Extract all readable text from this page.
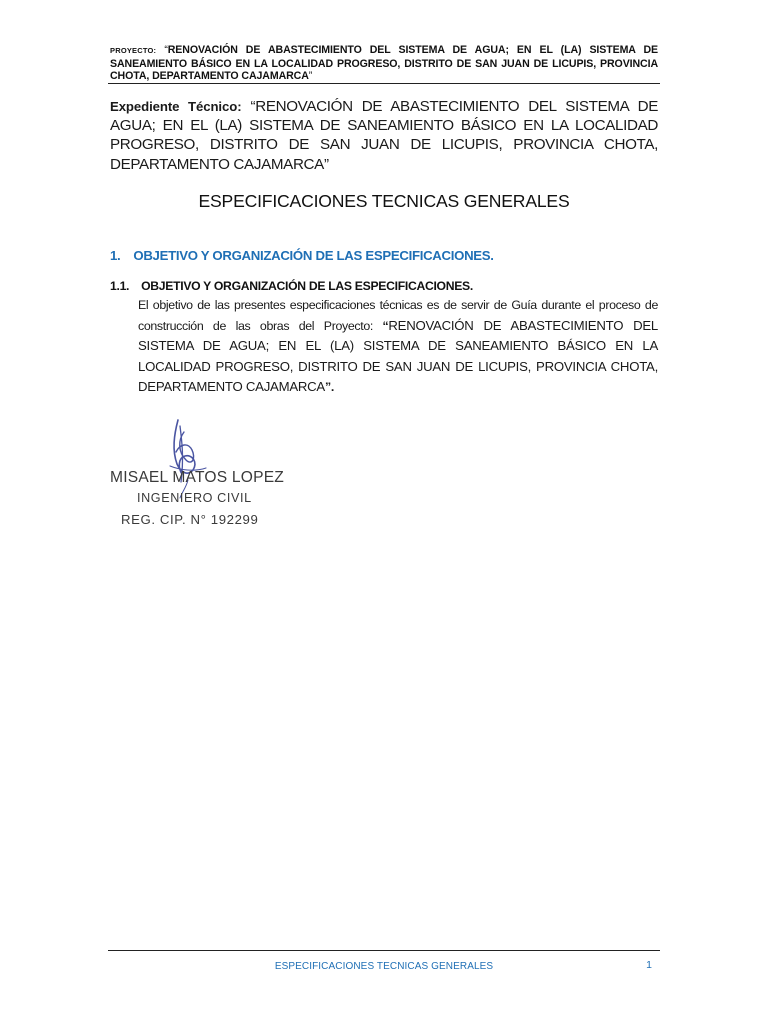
PROYECTO: “RENOVACIÓN DE ABASTECIMIENTO DEL SISTEMA DE AGUA; EN EL (LA) SISTEMA DE SANEAMIENTO BÁSICO EN LA LOCALIDAD PROGRESO, DISTRITO DE SAN JUAN DE LICUPIS, PROVINCIA CHOTA, DEPARTAMENTO CAJAMARCA”
Expediente Técnico: “RENOVACIÓN DE ABASTECIMIENTO DEL SISTEMA DE AGUA; EN EL (LA) SISTEMA DE SANEAMIENTO BÁSICO EN LA LOCALIDAD PROGRESO, DISTRITO DE SAN JUAN DE LICUPIS, PROVINCIA CHOTA, DEPARTAMENTO CAJAMARCA”
ESPECIFICACIONES TECNICAS GENERALES
1. OBJETIVO Y ORGANIZACIÓN DE LAS ESPECIFICACIONES.
1.1. OBJETIVO Y ORGANIZACIÓN DE LAS ESPECIFICACIONES.
El objetivo de las presentes especificaciones técnicas es de servir de Guía durante el proceso de construcción de las obras del Proyecto: “RENOVACIÓN DE ABASTECIMIENTO DEL SISTEMA DE AGUA; EN EL (LA) SISTEMA DE SANEAMIENTO BÁSICO EN LA LOCALIDAD PROGRESO, DISTRITO DE SAN JUAN DE LICUPIS, PROVINCIA CHOTA, DEPARTAMENTO CAJAMARCA”.
MISAEL MATOS LOPEZ
INGENIERO CIVIL
REG. CIP. N° 192299
ESPECIFICACIONES TECNICAS GENERALES	1
